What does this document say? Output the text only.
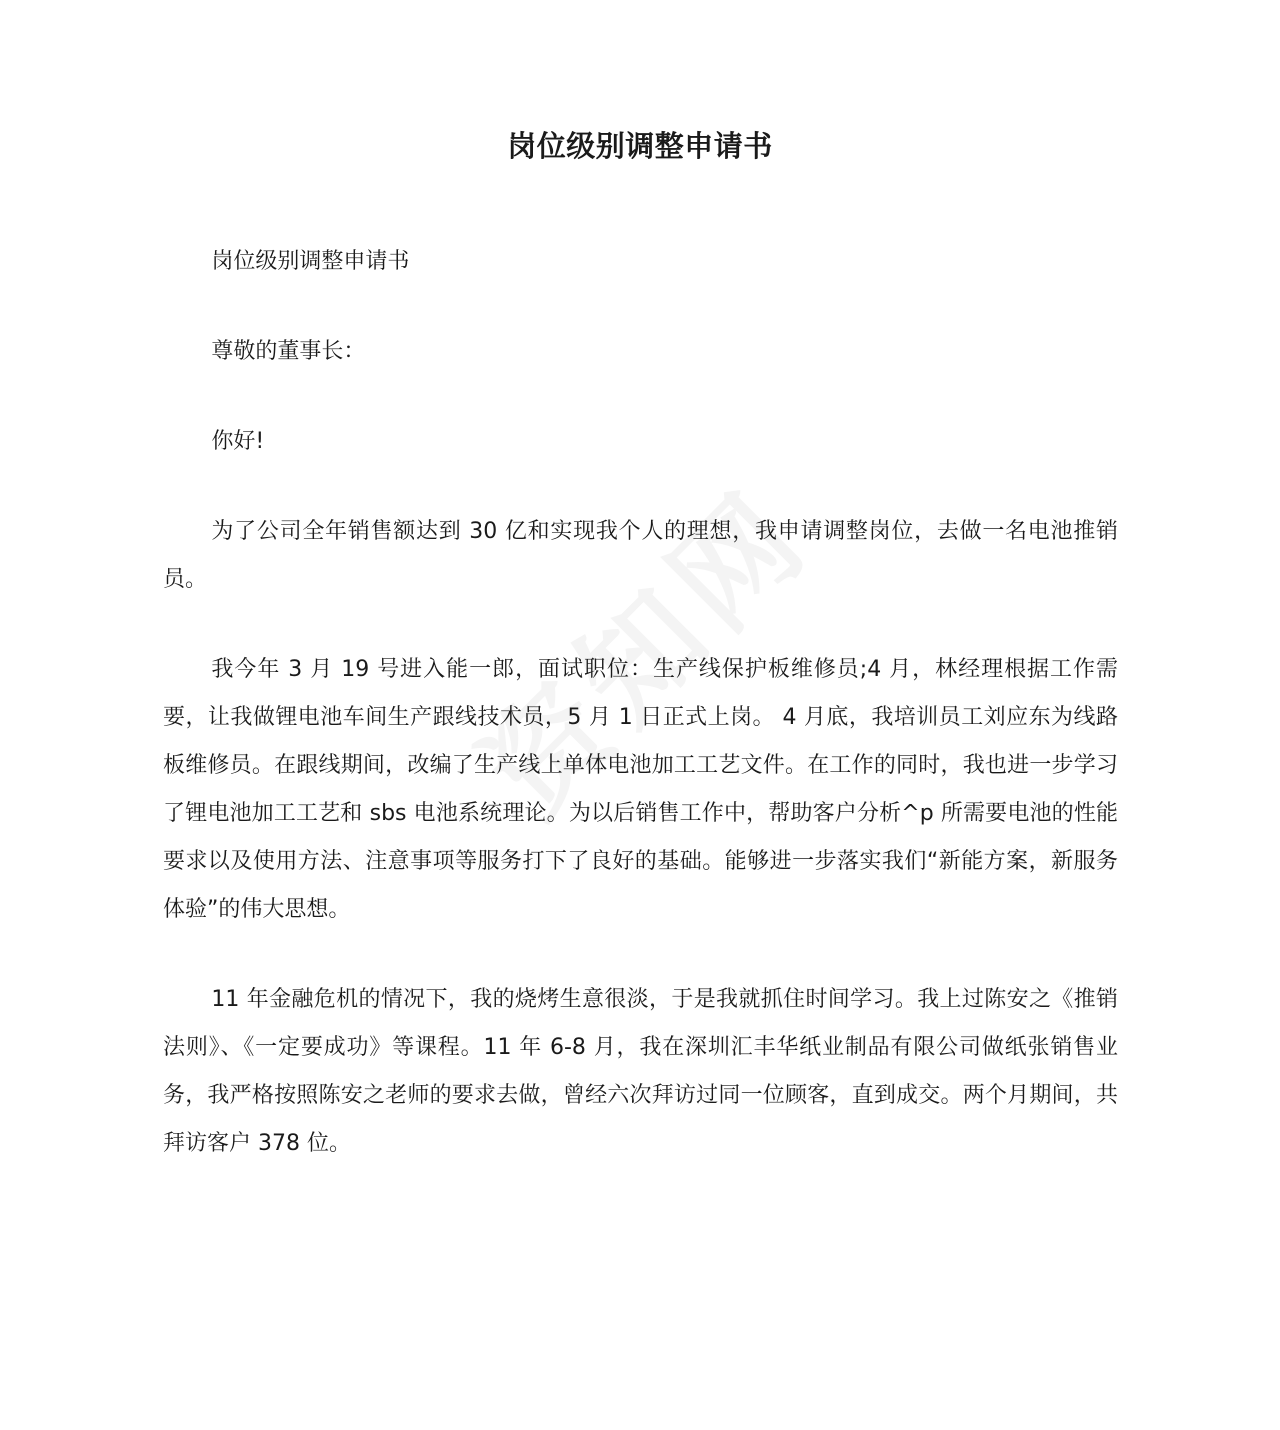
岗位级别调整申请书

岗位级别调整申请书

尊敬的董事长：

你好!

为了公司全年销售额达到 30 亿和实现我个人的理想，我申请调整岗位，去做一名电池推销员。

我今年 3 月 19 号进入能一郎，面试职位：生产线保护板维修员;4 月，林经理根据工作需要，让我做锂电池车间生产跟线技术员，5 月 1 日正式上岗。 4 月底，我培训员工刘应东为线路板维修员。在跟线期间，改编了生产线上单体电池加工工艺文件。在工作的同时，我也进一步学习了锂电池加工工艺和 sbs 电池系统理论。为以后销售工作中，帮助客户分析^p 所需要电池的性能要求以及使用方法、注意事项等服务打下了良好的基础。能够进一步落实我们“新能方案，新服务体验”的伟大思想。

11 年金融危机的情况下，我的烧烤生意很淡，于是我就抓住时间学习。我上过陈安之《推销法则》、《一定要成功》等课程。11 年 6-8 月，我在深圳汇丰华纸业制品有限公司做纸张销售业务，我严格按照陈安之老师的要求去做，曾经六次拜访过同一位顾客，直到成交。两个月期间，共拜访客户 378 位。
